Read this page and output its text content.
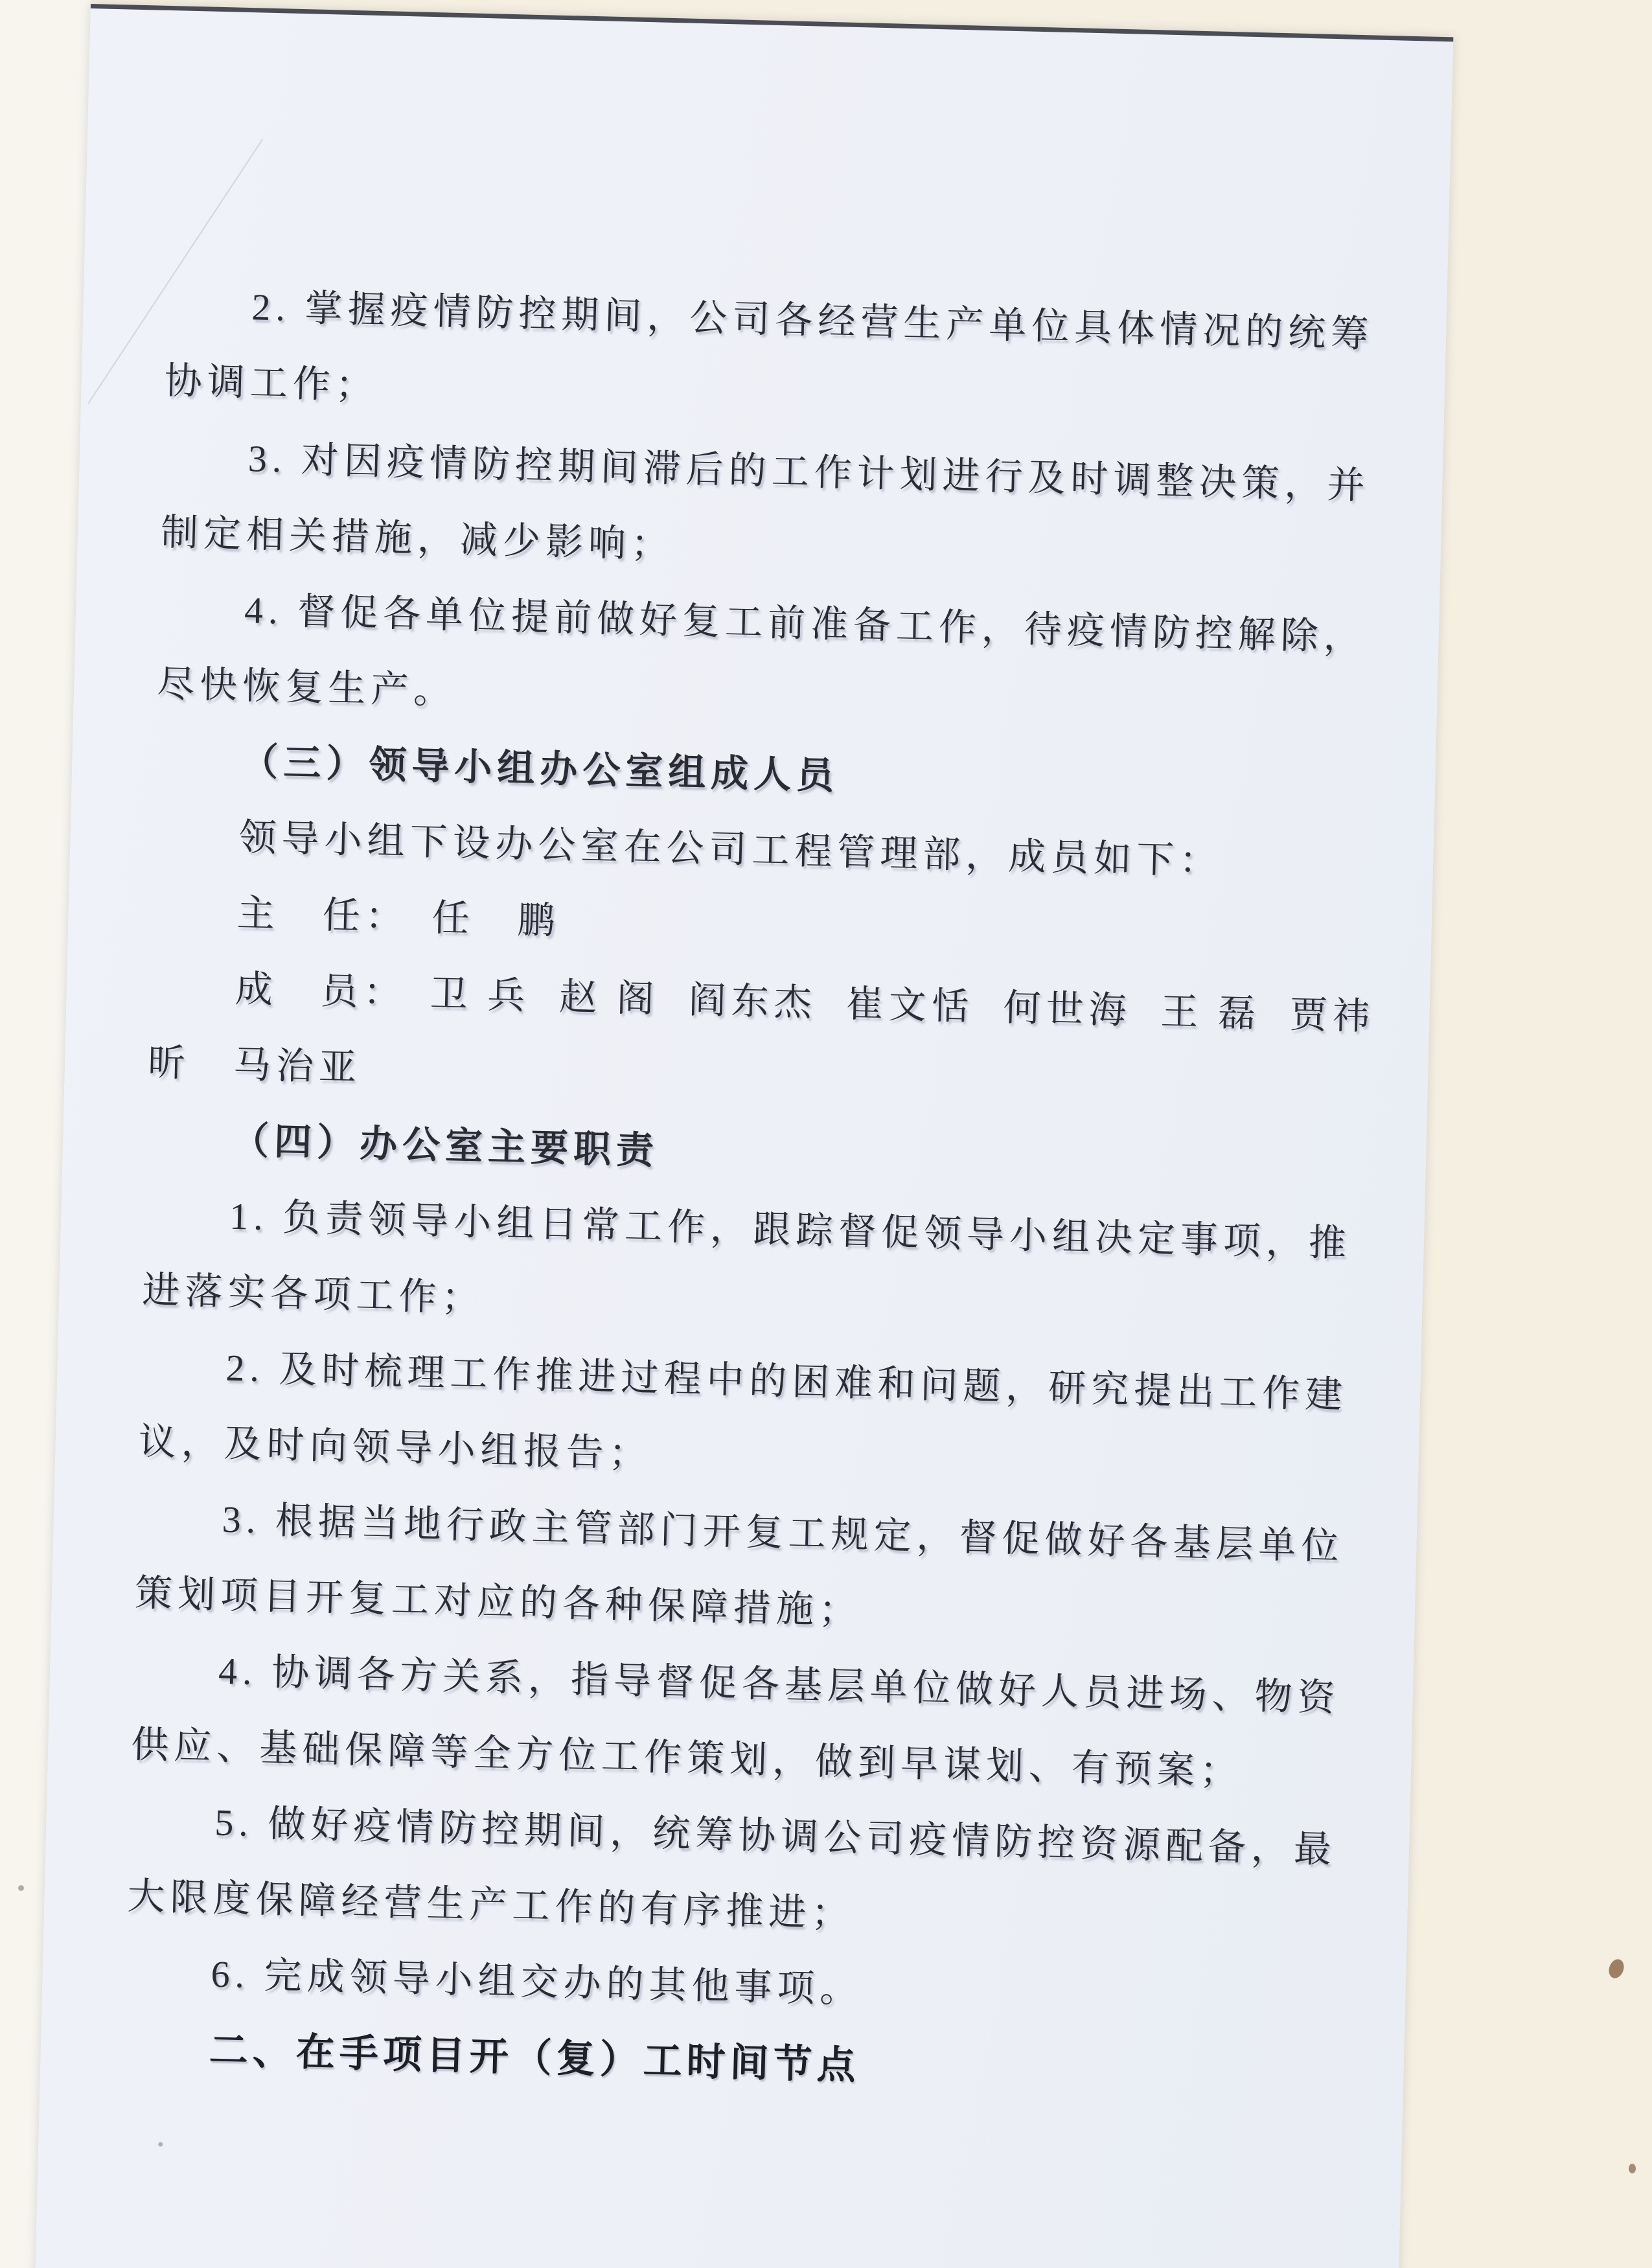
2. 掌握疫情防控期间，公司各经营生产单位具体情况的统筹
协调工作；
3. 对因疫情防控期间滞后的工作计划进行及时调整决策，并
制定相关措施，减少影响；
4. 督促各单位提前做好复工前准备工作，待疫情防控解除，
尽快恢复生产。
（三）领导小组办公室组成人员
领导小组下设办公室在公司工程管理部，成员如下：
主　任：　任　鹏
成　员：　卫 兵  赵 阁  阎东杰  崔文恬  何世海  王 磊  贾祎
昕　马治亚
（四）办公室主要职责
1. 负责领导小组日常工作，跟踪督促领导小组决定事项，推
进落实各项工作；
2. 及时梳理工作推进过程中的困难和问题，研究提出工作建
议，及时向领导小组报告；
3. 根据当地行政主管部门开复工规定，督促做好各基层单位
策划项目开复工对应的各种保障措施；
4. 协调各方关系，指导督促各基层单位做好人员进场、物资
供应、基础保障等全方位工作策划，做到早谋划、有预案；
5. 做好疫情防控期间，统筹协调公司疫情防控资源配备，最
大限度保障经营生产工作的有序推进；
6. 完成领导小组交办的其他事项。
二、在手项目开（复）工时间节点
